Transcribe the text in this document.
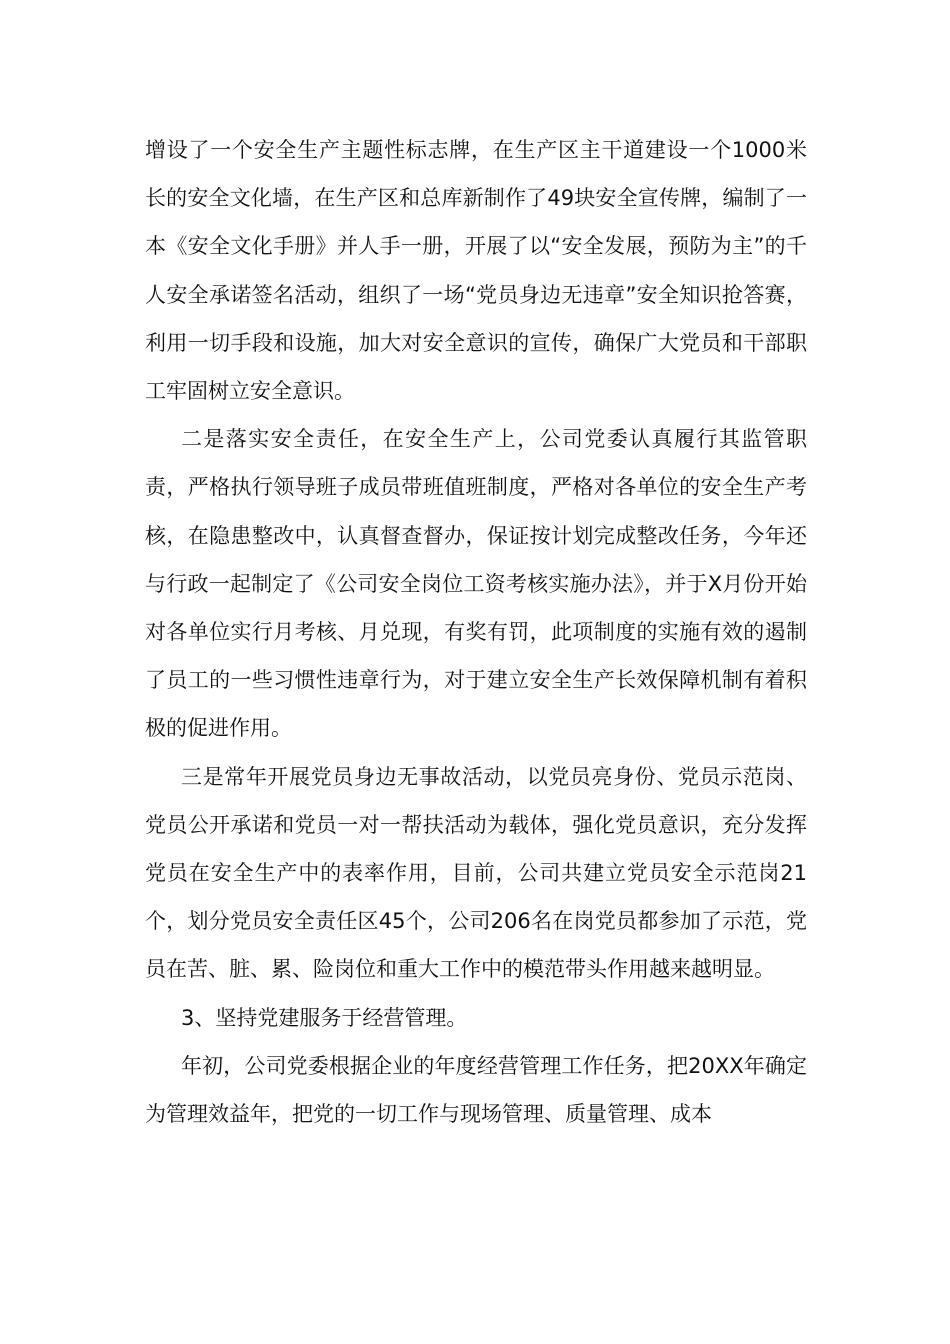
增设了一个安全生产主题性标志牌，在生产区主干道建设一个1000米长的安全文化墙，在生产区和总库新制作了49块安全宣传牌，编制了一本《安全文化手册》并人手一册，开展了以“安全发展，预防为主”的千人安全承诺签名活动，组织了一场“党员身边无违章”安全知识抢答赛，利用一切手段和设施，加大对安全意识的宣传，确保广大党员和干部职工牢固树立安全意识。

二是落实安全责任，在安全生产上，公司党委认真履行其监管职责，严格执行领导班子成员带班值班制度，严格对各单位的安全生产考核，在隐患整改中，认真督查督办，保证按计划完成整改任务，今年还与行政一起制定了《公司安全岗位工资考核实施办法》，并于X月份开始对各单位实行月考核、月兑现，有奖有罚，此项制度的实施有效的遏制了员工的一些习惯性违章行为，对于建立安全生产长效保障机制有着积极的促进作用。

三是常年开展党员身边无事故活动，以党员亮身份、党员示范岗、党员公开承诺和党员一对一帮扶活动为载体，强化党员意识，充分发挥党员在安全生产中的表率作用，目前，公司共建立党员安全示范岗21个，划分党员安全责任区45个，公司206名在岗党员都参加了示范，党员在苦、脏、累、险岗位和重大工作中的模范带头作用越来越明显。

3、坚持党建服务于经营管理。

年初，公司党委根据企业的年度经营管理工作任务，把20XX年确定为管理效益年，把党的一切工作与现场管理、质量管理、成本
